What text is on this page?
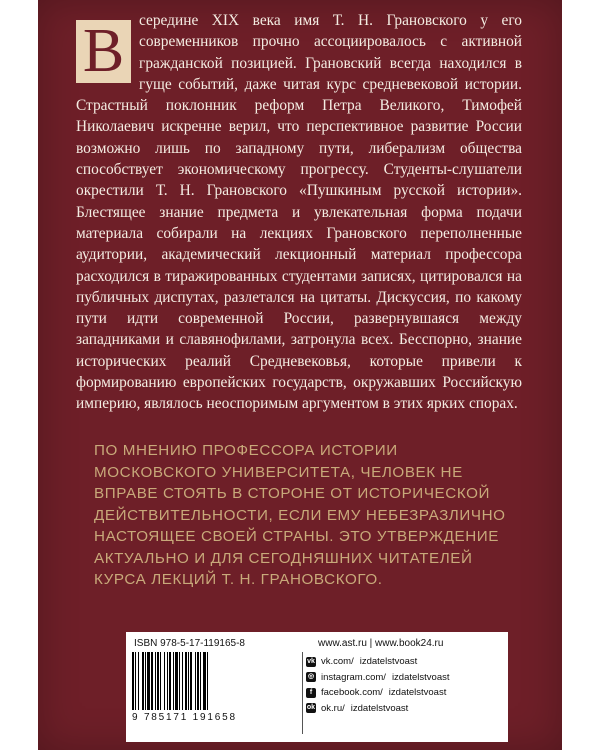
В середине XIX века имя Т. Н. Грановского у его современников прочно ассоциировалось с активной гражданской позицией. Грановский всегда находился в гуще событий, даже читая курс средневековой истории. Страстный поклонник реформ Петра Великого, Тимофей Николаевич искренне верил, что перспективное развитие России возможно лишь по западному пути, либерализм общества способствует экономическому прогрессу. Студенты-слушатели окрестили Т. Н. Грановского «Пушкиным русской истории». Блестящее знание предмета и увлекательная форма подачи материала собирали на лекциях Грановского переполненные аудитории, академический лекционный материал профессора расходился в тиражированных студентами записях, цитировался на публичных диспутах, разлетался на цитаты. Дискуссия, по какому пути идти современной России, развернувшаяся между западниками и славянофилами, затронула всех. Бесспорно, знание исторических реалий Средневековья, которые привели к формированию европейских государств, окружавших Российскую империю, являлось неоспоримым аргументом в этих ярких спорах.
ПО МНЕНИЮ ПРОФЕССОРА ИСТОРИИ МОСКОВСКОГО УНИВЕРСИТЕТА, ЧЕЛОВЕК НЕ ВПРАВЕ СТОЯТЬ В СТОРОНЕ ОТ ИСТОРИЧЕСКОЙ ДЕЙСТВИТЕЛЬНОСТИ, ЕСЛИ ЕМУ НЕБЕЗРАЗЛИЧНО НАСТОЯЩЕЕ СВОЕЙ СТРАНЫ. ЭТО УТВЕРЖДЕНИЕ АКТУАЛЬНО И ДЛЯ СЕГОДНЯШНИХ ЧИТАТЕЛЕЙ КУРСА ЛЕКЦИЙ Т. Н. ГРАНОВСКОГО.
ISBN 978-5-17-119165-8
9 785171 191658
www.ast.ru | www.book24.ru
vk vk.com/ izdatelstvoast
◎ instagram.com/ izdatelstvoast
f facebook.com/ izdatelstvoast
ok ok.ru/ izdatelstvoast
